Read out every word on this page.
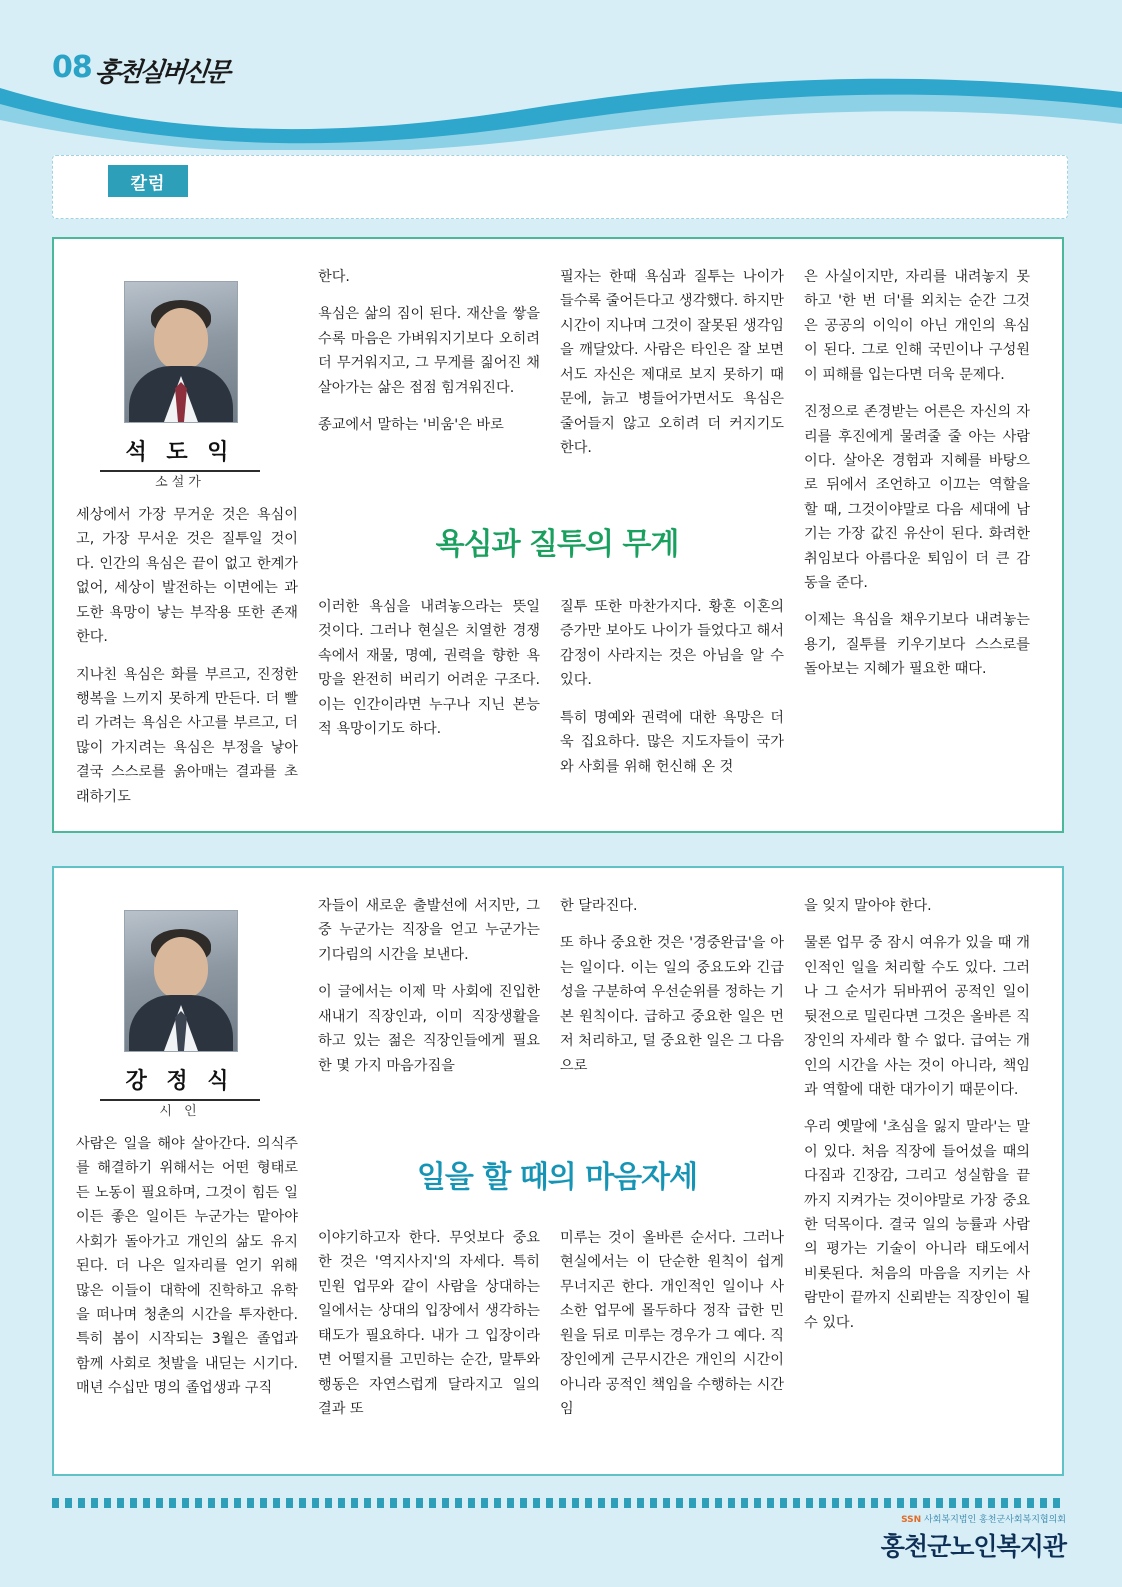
08 홍천실버신문
칼럼
석 도 익
소설가

세상에서 가장 무거운 것은 욕심이고, 가장 무서운 것은 질투일 것이다. 인간의 욕심은 끝이 없고 한계가 없어, 세상이 발전하는 이면에는 과도한 욕망이 낳는 부작용 또한 존재한다.

지나친 욕심은 화를 부르고, 진정한 행복을 느끼지 못하게 만든다. 더 빨리 가려는 욕심은 사고를 부르고, 더 많이 가지려는 욕심은 부정을 낳아 결국 스스로를 옭아매는 결과를 초래하기도

한다.

욕심은 삶의 짐이 된다. 재산을 쌓을수록 마음은 가벼워지기보다 오히려 더 무거워지고, 그 무게를 짊어진 채 살아가는 삶은 점점 힘겨워진다.

종교에서 말하는 '비움'은 바로

욕심과 질투의 무게

이러한 욕심을 내려놓으라는 뜻일 것이다. 그러나 현실은 치열한 경쟁 속에서 재물, 명예, 권력을 향한 욕망을 완전히 버리기 어려운 구조다. 이는 인간이라면 누구나 지닌 본능적 욕망이기도 하다.

필자는 한때 욕심과 질투는 나이가 들수록 줄어든다고 생각했다. 하지만 시간이 지나며 그것이 잘못된 생각임을 깨달았다. 사람은 타인은 잘 보면서도 자신은 제대로 보지 못하기 때문에, 늙고 병들어가면서도 욕심은 줄어들지 않고 오히려 더 커지기도 한다.

질투 또한 마찬가지다. 황혼 이혼의 증가만 보아도 나이가 들었다고 해서 감정이 사라지는 것은 아님을 알 수 있다.

특히 명예와 권력에 대한 욕망은 더욱 집요하다. 많은 지도자들이 국가와 사회를 위해 헌신해 온 것

은 사실이지만, 자리를 내려놓지 못하고 '한 번 더'를 외치는 순간 그것은 공공의 이익이 아닌 개인의 욕심이 된다. 그로 인해 국민이나 구성원이 피해를 입는다면 더욱 문제다.

진정으로 존경받는 어른은 자신의 자리를 후진에게 물려줄 줄 아는 사람이다. 살아온 경험과 지혜를 바탕으로 뒤에서 조언하고 이끄는 역할을 할 때, 그것이야말로 다음 세대에 남기는 가장 값진 유산이 된다. 화려한 취임보다 아름다운 퇴임이 더 큰 감동을 준다.

이제는 욕심을 채우기보다 내려놓는 용기, 질투를 키우기보다 스스로를 돌아보는 지혜가 필요한 때다.

강 정 식
시 인

사람은 일을 해야 살아간다. 의식주를 해결하기 위해서는 어떤 형태로든 노동이 필요하며, 그것이 힘든 일이든 좋은 일이든 누군가는 맡아야 사회가 돌아가고 개인의 삶도 유지된다. 더 나은 일자리를 얻기 위해 많은 이들이 대학에 진학하고 유학을 떠나며 청춘의 시간을 투자한다. 특히 봄이 시작되는 3월은 졸업과 함께 사회로 첫발을 내딛는 시기다. 매년 수십만 명의 졸업생과 구직

자들이 새로운 출발선에 서지만, 그중 누군가는 직장을 얻고 누군가는 기다림의 시간을 보낸다.

이 글에서는 이제 막 사회에 진입한 새내기 직장인과, 이미 직장생활을 하고 있는 젊은 직장인들에게 필요한 몇 가지 마음가짐을

일을 할 때의 마음자세

이야기하고자 한다. 무엇보다 중요한 것은 '역지사지'의 자세다. 특히 민원 업무와 같이 사람을 상대하는 일에서는 상대의 입장에서 생각하는 태도가 필요하다. 내가 그 입장이라면 어떨지를 고민하는 순간, 말투와 행동은 자연스럽게 달라지고 일의 결과 또

한 달라진다.

또 하나 중요한 것은 '경중완급'을 아는 일이다. 이는 일의 중요도와 긴급성을 구분하여 우선순위를 정하는 기본 원칙이다. 급하고 중요한 일은 먼저 처리하고, 덜 중요한 일은 그 다음으로

미루는 것이 올바른 순서다. 그러나 현실에서는 이 단순한 원칙이 쉽게 무너지곤 한다. 개인적인 일이나 사소한 업무에 몰두하다 정작 급한 민원을 뒤로 미루는 경우가 그 예다. 직장인에게 근무시간은 개인의 시간이 아니라 공적인 책임을 수행하는 시간임

을 잊지 말아야 한다.

물론 업무 중 잠시 여유가 있을 때 개인적인 일을 처리할 수도 있다. 그러나 그 순서가 뒤바뀌어 공적인 일이 뒷전으로 밀린다면 그것은 올바른 직장인의 자세라 할 수 없다. 급여는 개인의 시간을 사는 것이 아니라, 책임과 역할에 대한 대가이기 때문이다.

우리 옛말에 '초심을 잃지 말라'는 말이 있다. 처음 직장에 들어섰을 때의 다짐과 긴장감, 그리고 성실함을 끝까지 지켜가는 것이야말로 가장 중요한 덕목이다. 결국 일의 능률과 사람의 평가는 기술이 아니라 태도에서 비롯된다. 처음의 마음을 지키는 사람만이 끝까지 신뢰받는 직장인이 될 수 있다.

SSN 사회복지법인 홍천군사회복지협의회
홍천군노인복지관
